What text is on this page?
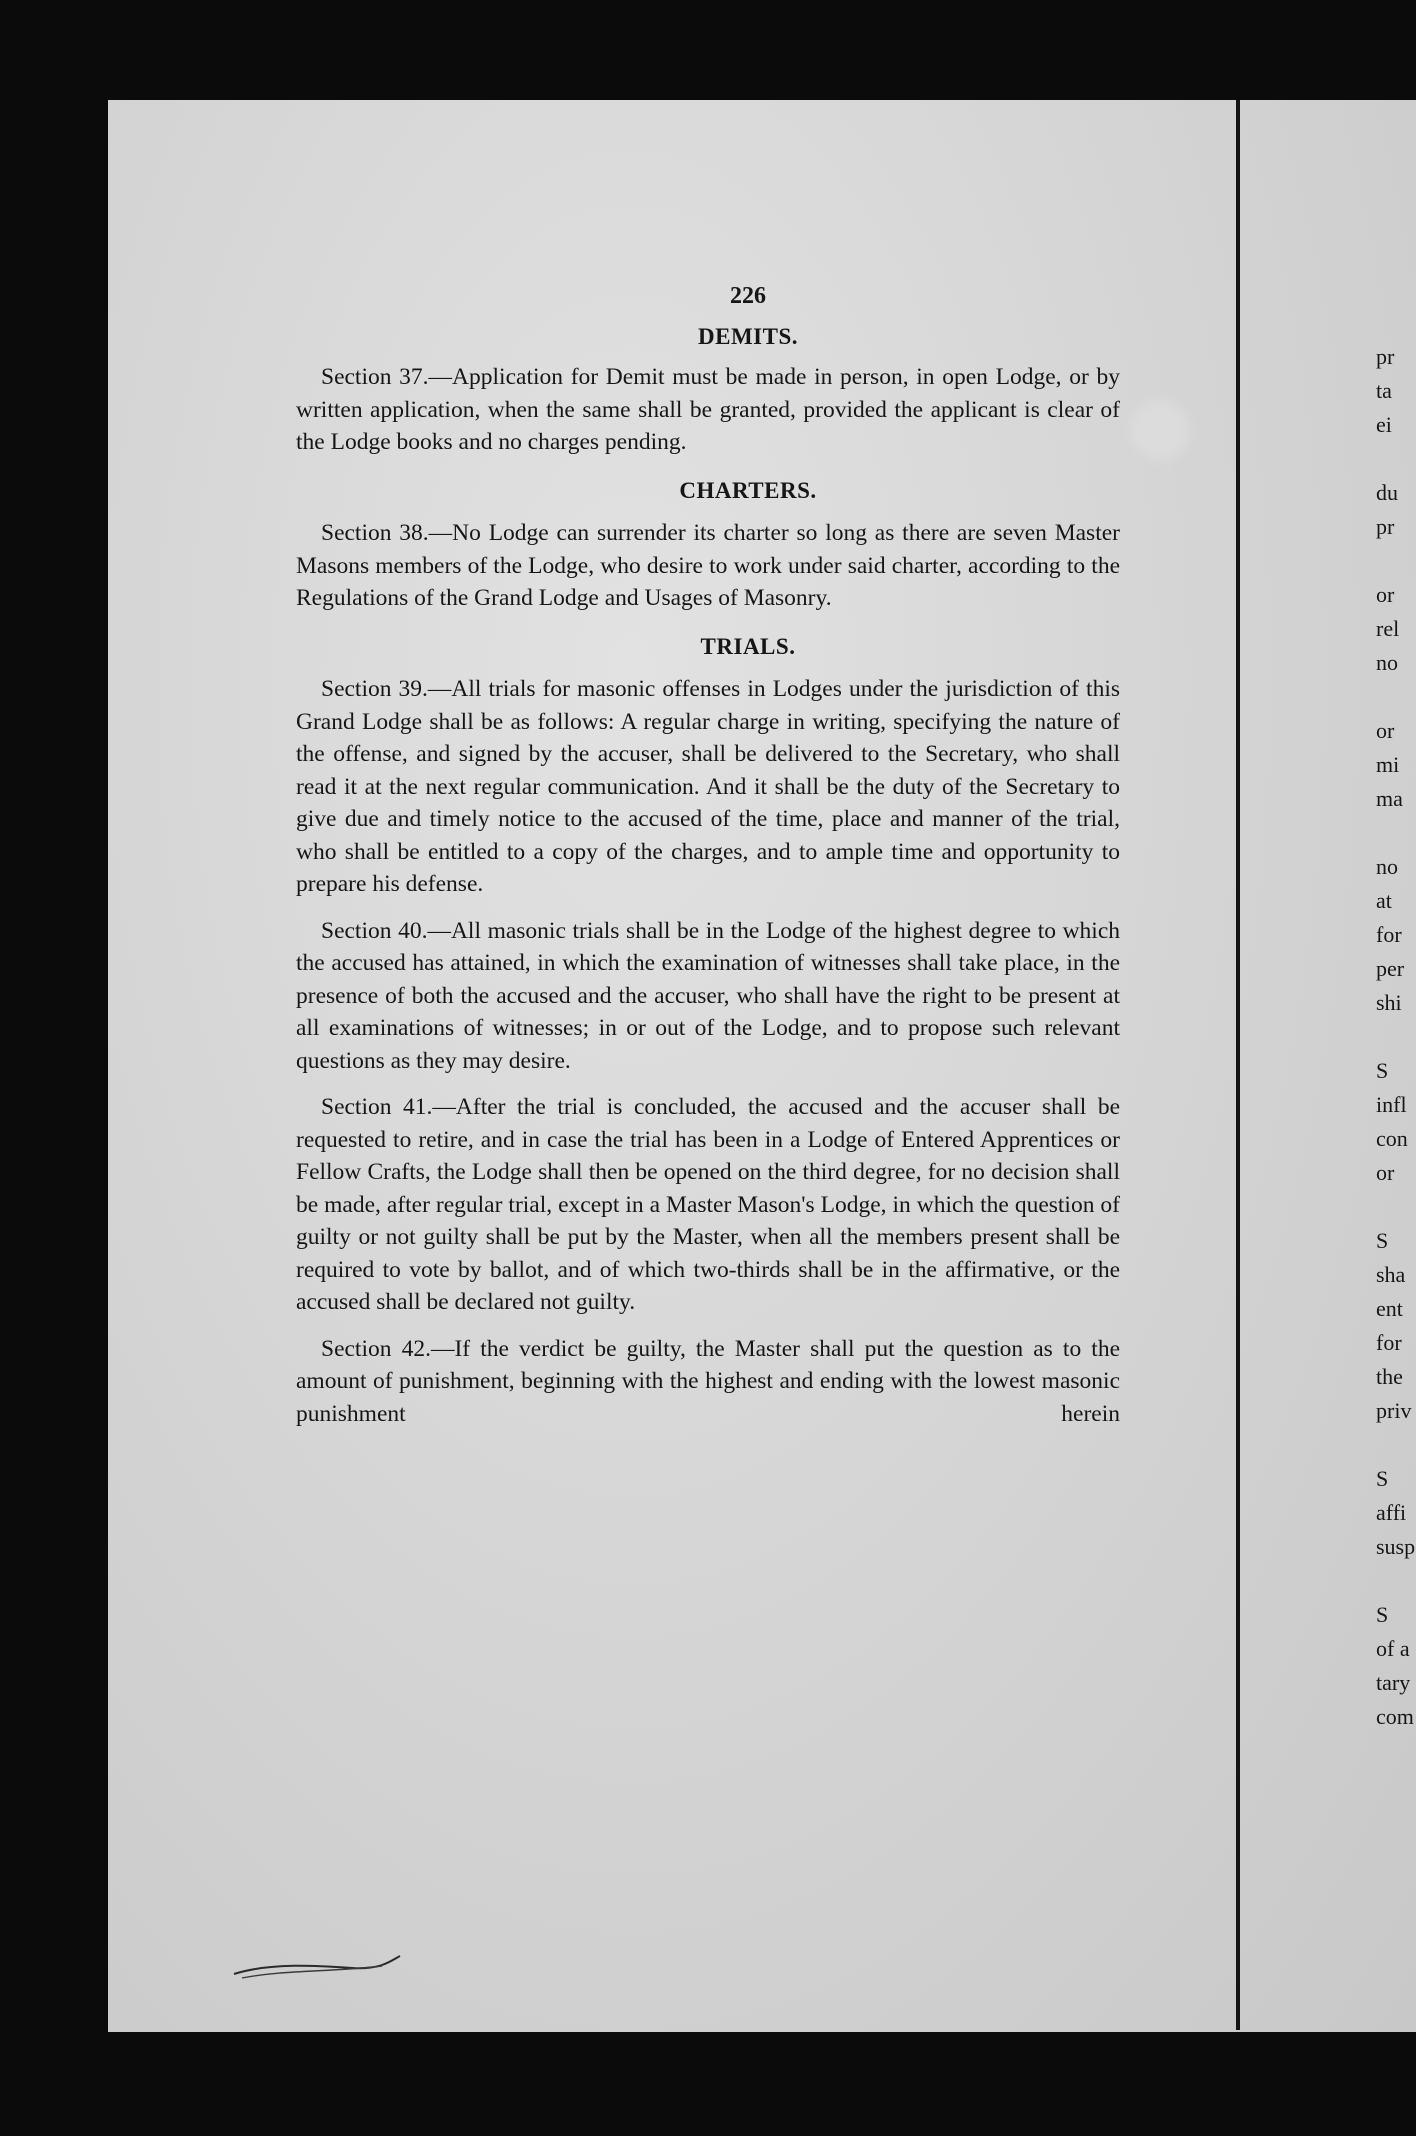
226
DEMITS.

Section 37.—Application for Demit must be made in person, in open Lodge, or by written application, when the same shall be granted, provided the applicant is clear of the Lodge books and no charges pending.

CHARTERS.

Section 38.—No Lodge can surrender its charter so long as there are seven Master Masons members of the Lodge, who desire to work under said charter, according to the Regulations of the Grand Lodge and Usages of Masonry.

TRIALS.

Section 39.—All trials for masonic offenses in Lodges under the jurisdiction of this Grand Lodge shall be as follows: A regular charge in writing, specifying the nature of the offense, and signed by the accuser, shall be delivered to the Secretary, who shall read it at the next regular communication. And it shall be the duty of the Secretary to give due and timely notice to the accused of the time, place and manner of the trial, who shall be entitled to a copy of the charges, and to ample time and opportunity to prepare his defense.

Section 40.—All masonic trials shall be in the Lodge of the highest degree to which the accused has attained, in which the examination of witnesses shall take place, in the presence of both the accused and the accuser, who shall have the right to be present at all examinations of witnesses; in or out of the Lodge, and to propose such relevant questions as they may desire.

Section 41.—After the trial is concluded, the accused and the accuser shall be requested to retire, and in case the trial has been in a Lodge of Entered Apprentices or Fellow Crafts, the Lodge shall then be opened on the third degree, for no decision shall be made, after regular trial, except in a Master Mason's Lodge, in which the question of guilty or not guilty shall be put by the Master, when all the members present shall be required to vote by ballot, and of which two-thirds shall be in the affirmative, or the accused shall be declared not guilty.

Section 42.—If the verdict be guilty, the Master shall put the question as to the amount of punishment, beginning with the highest and ending with the lowest masonic punishment herein

pr
ta
ei
du
pr
or
rel
no
or
mi
ma
no
at
for
per
shi
S
infl
con
or
S
sha
ent
for
the
priv
S
affi
susp
S
of a
tary
com
